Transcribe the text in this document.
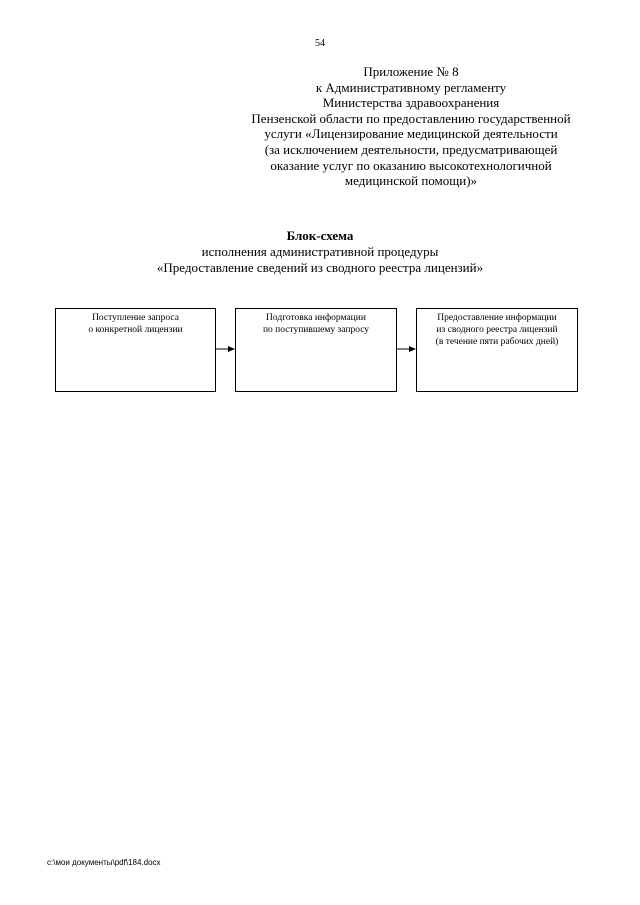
54
Приложение № 8
к Административному регламенту
Министерства здравоохранения
Пензенской области по предоставлению государственной
услуги «Лицензирование медицинской деятельности
(за исключением деятельности, предусматривающей
оказание услуг по оказанию высокотехнологичной
медицинской помощи)»
Блок-схема
исполнения административной процедуры
«Предоставление сведений из сводного реестра лицензий»
Поступление запроса
о конкретной лицензии
Подготовка информации
по поступившему запросу
Предоставление информации
из сводного реестра лицензий
(в течение пяти рабочих дней)
c:\мои документы\pdf\184.docx
